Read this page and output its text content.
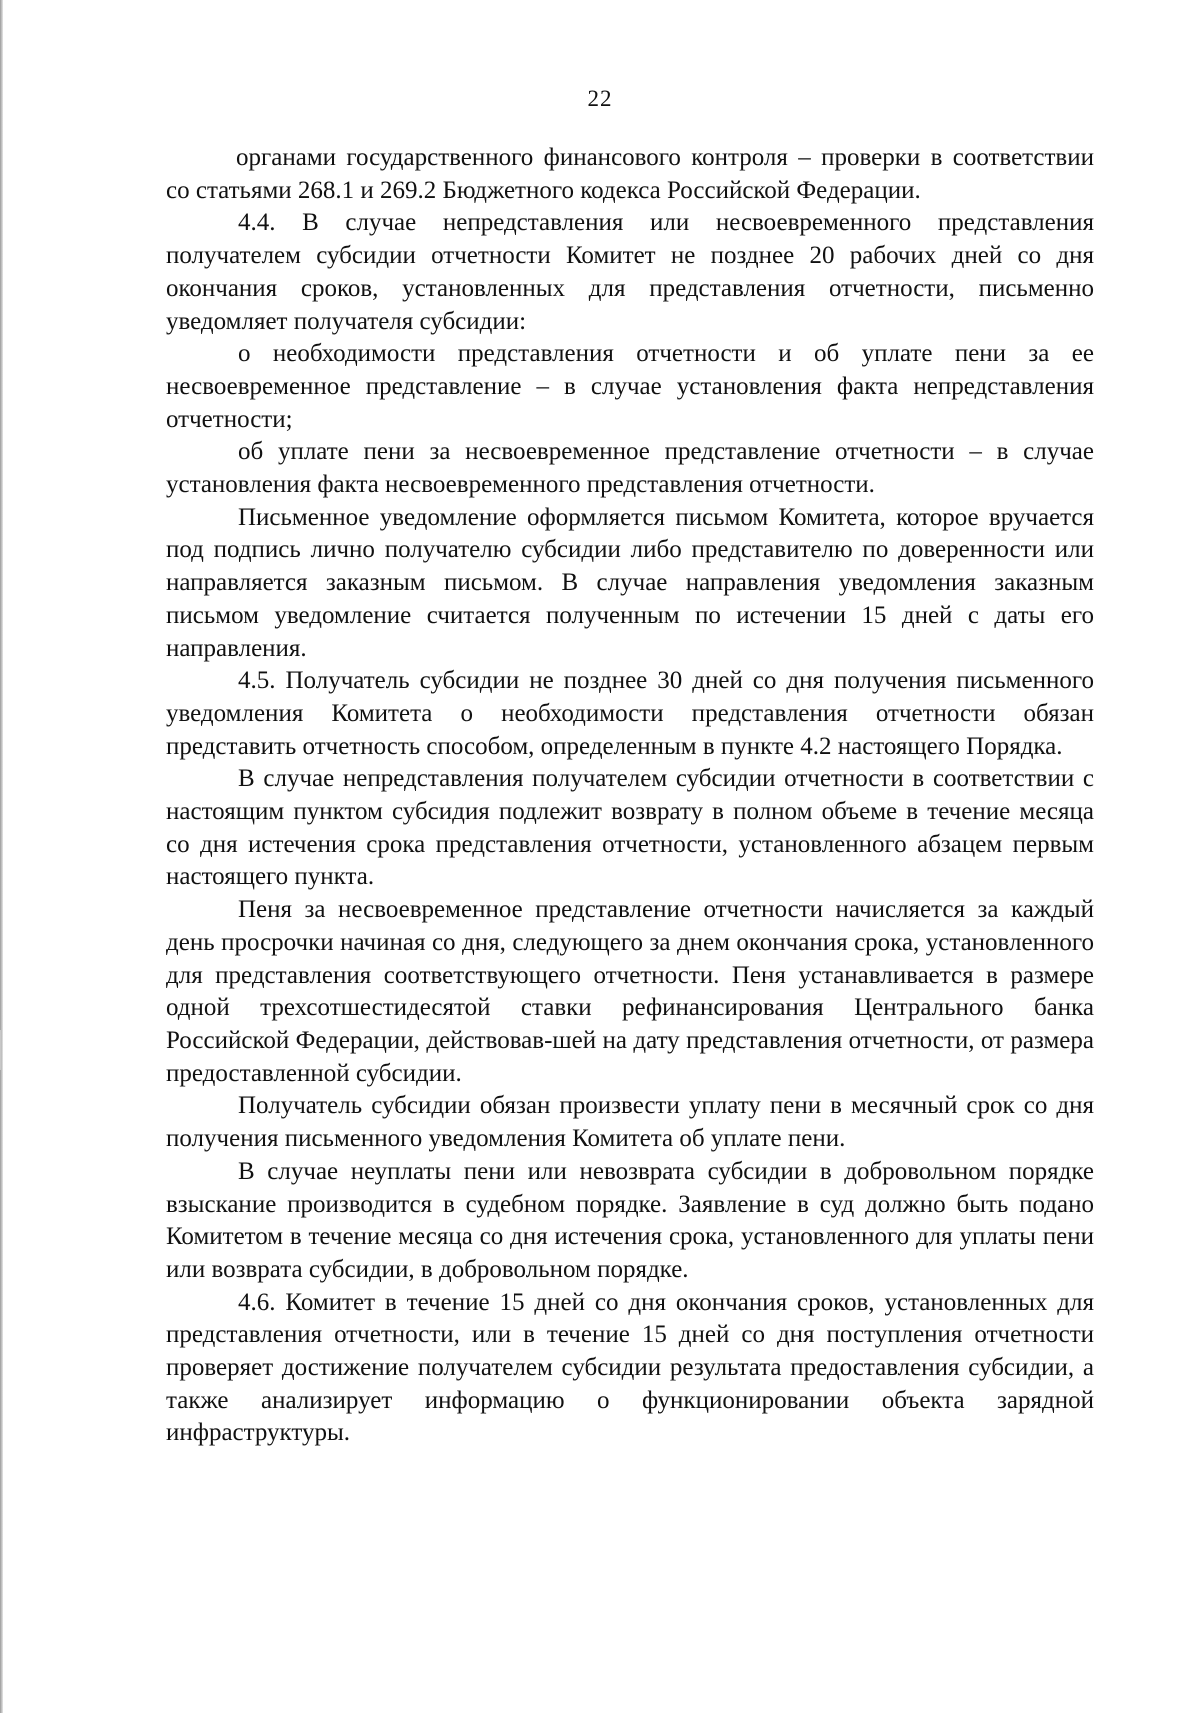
22

органами государственного финансового контроля – проверки в соответствии со статьями 268.1 и 269.2 Бюджетного кодекса Российской Федерации.

4.4. В случае непредставления или несвоевременного представления получателем субсидии отчетности Комитет не позднее 20 рабочих дней со дня окончания сроков, установленных для представления отчетности, письменно уведомляет получателя субсидии:

о необходимости представления отчетности и об уплате пени за ее несвоевременное представление – в случае установления факта непредставления отчетности;

об уплате пени за несвоевременное представление отчетности – в случае установления факта несвоевременного представления отчетности.

Письменное уведомление оформляется письмом Комитета, которое вручается под подпись лично получателю субсидии либо представителю по доверенности или направляется заказным письмом. В случае направления уведомления заказным письмом уведомление считается полученным по истечении 15 дней с даты его направления.

4.5. Получатель субсидии не позднее 30 дней со дня получения письменного уведомления Комитета о необходимости представления отчетности обязан представить отчетность способом, определенным в пункте 4.2 настоящего Порядка.

В случае непредставления получателем субсидии отчетности в соответствии с настоящим пунктом субсидия подлежит возврату в полном объеме в течение месяца со дня истечения срока представления отчетности, установленного абзацем первым настоящего пункта.

Пеня за несвоевременное представление отчетности начисляется за каждый день просрочки начиная со дня, следующего за днем окончания срока, установленного для представления соответствующего отчетности. Пеня устанавливается в размере одной трехсотшестидесятой ставки рефинансирования Центрального банка Российской Федерации, действовав-шей на дату представления отчетности, от размера предоставленной субсидии.

Получатель субсидии обязан произвести уплату пени в месячный срок со дня получения письменного уведомления Комитета об уплате пени.

В случае неуплаты пени или невозврата субсидии в добровольном порядке взыскание производится в судебном порядке. Заявление в суд должно быть подано Комитетом в течение месяца со дня истечения срока, установленного для уплаты пени или возврата субсидии, в добровольном порядке.

4.6. Комитет в течение 15 дней со дня окончания сроков, установленных для представления отчетности, или в течение 15 дней со дня поступления отчетности проверяет достижение получателем субсидии результата предоставления субсидии, а также анализирует информацию о функционировании объекта зарядной инфраструктуры.
